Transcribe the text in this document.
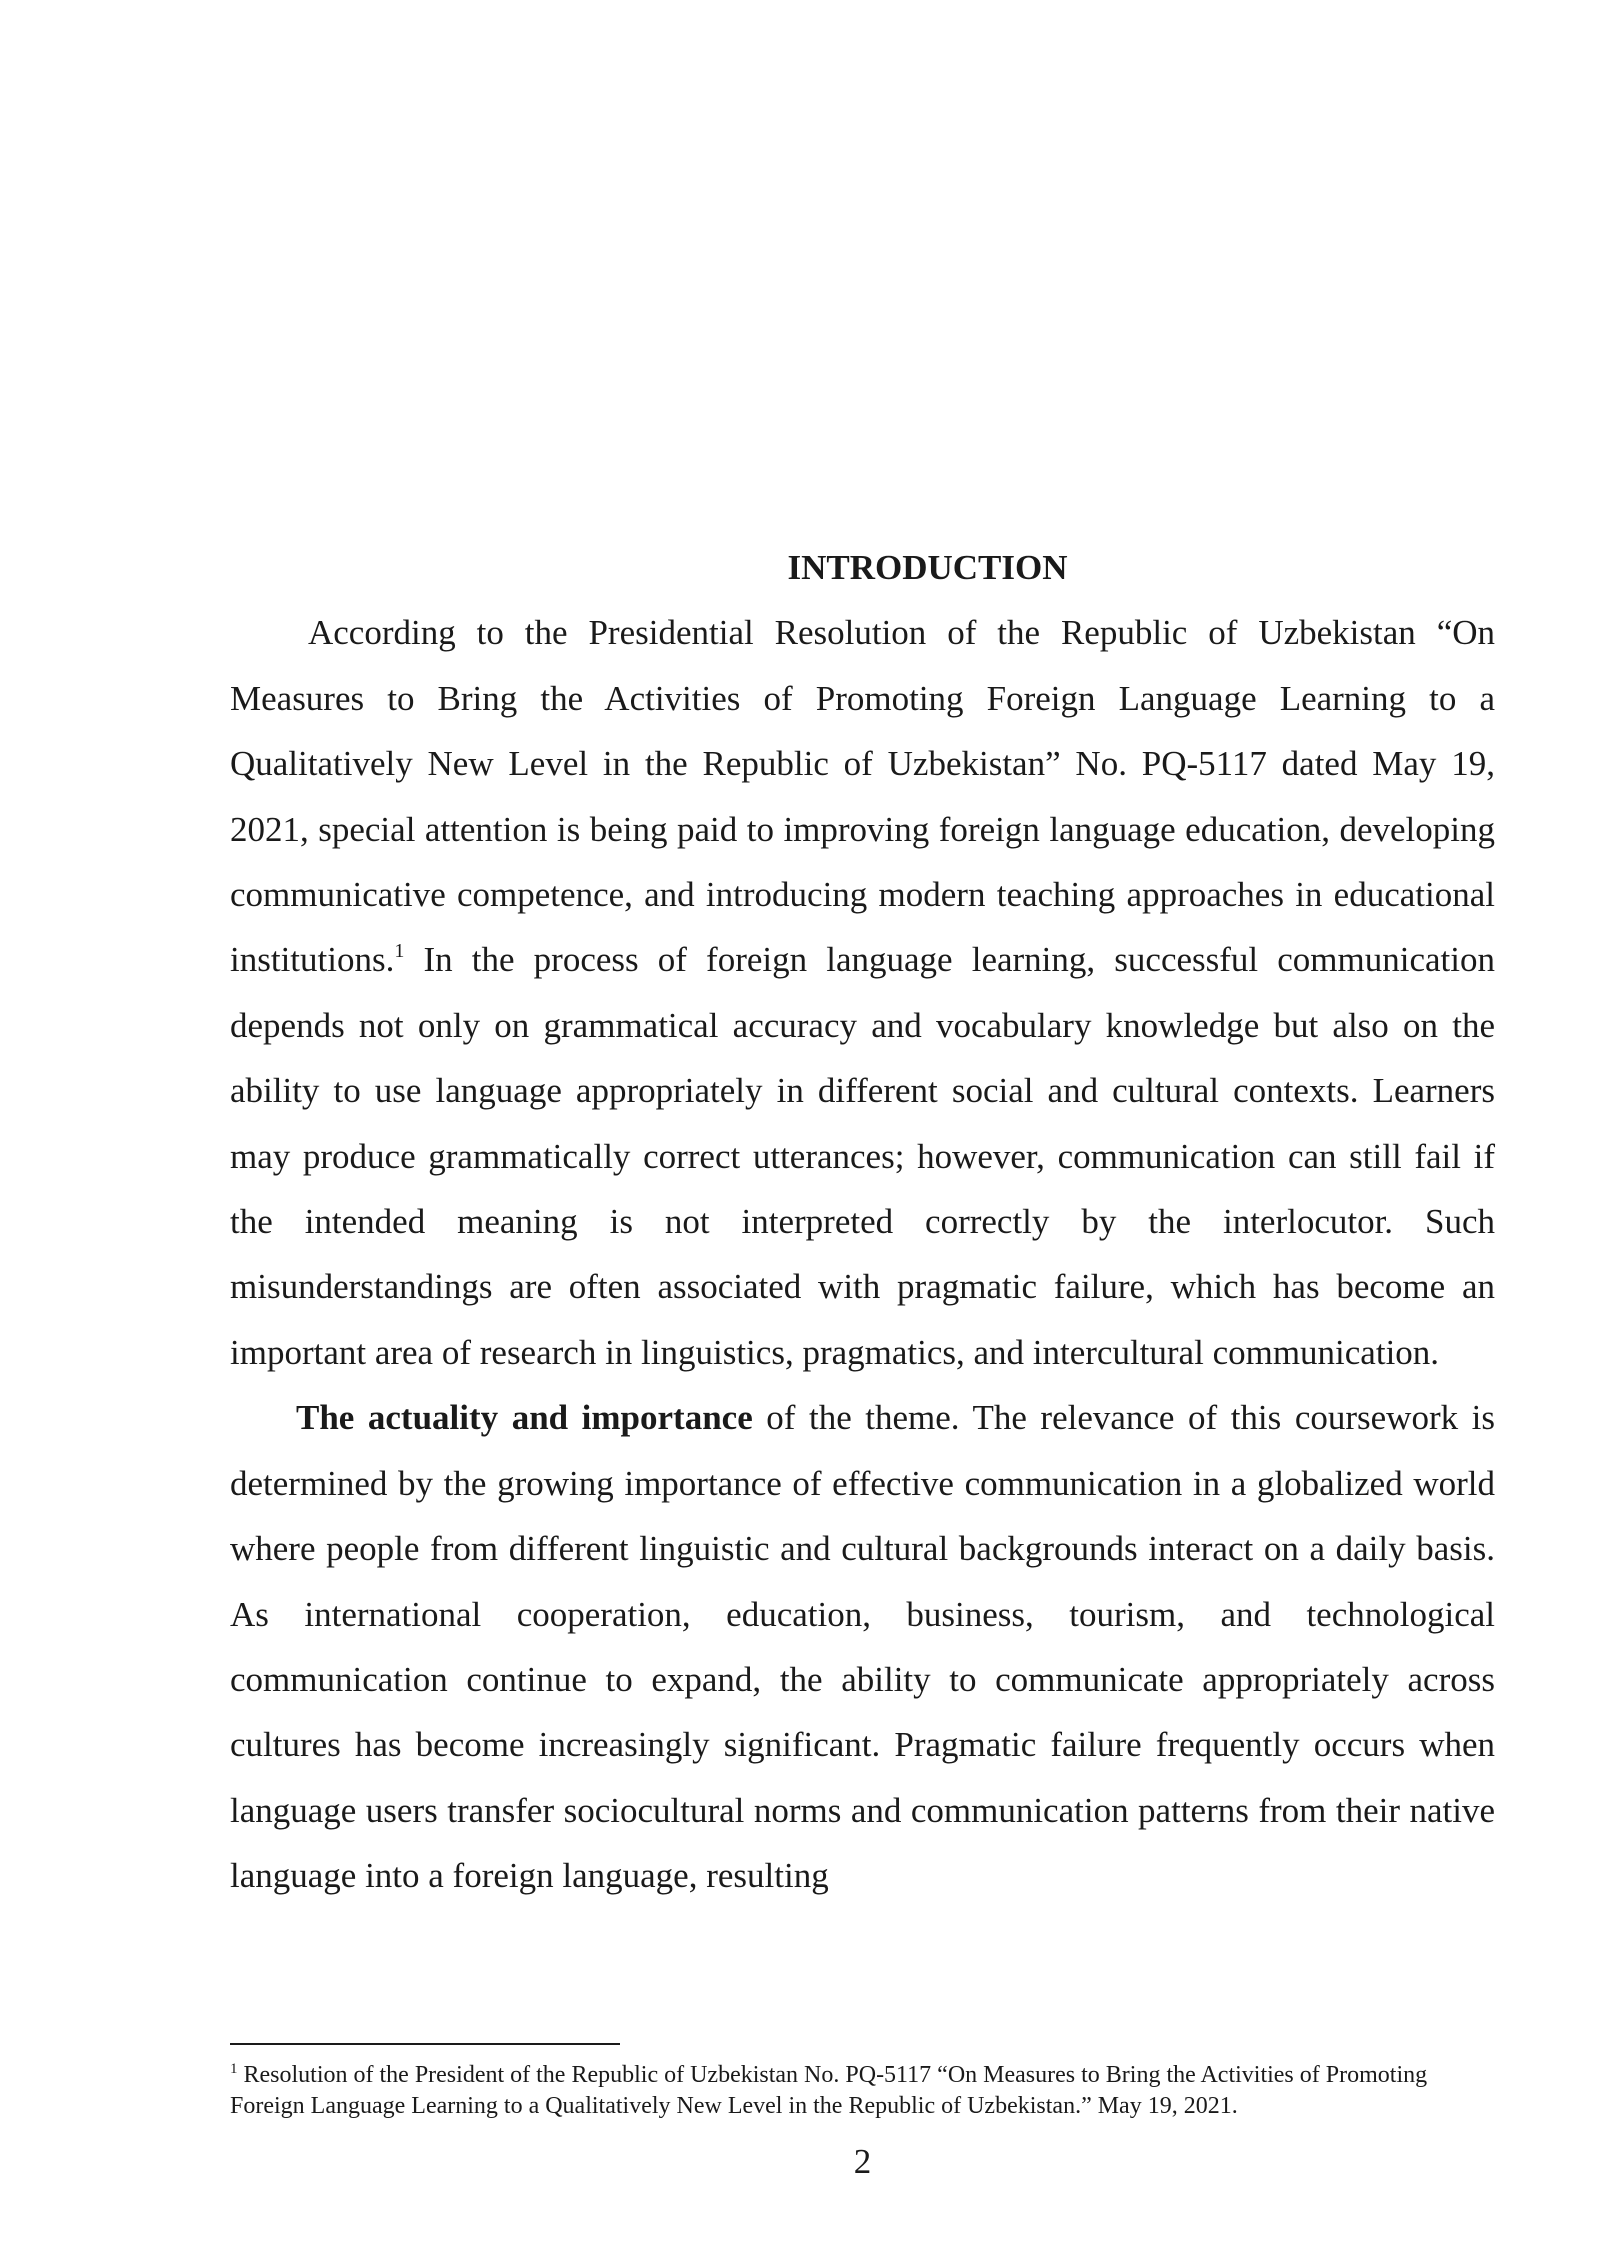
INTRODUCTION

According to the Presidential Resolution of the Republic of Uzbekistan “On Measures to Bring the Activities of Promoting Foreign Language Learning to a Qualitatively New Level in the Republic of Uzbekistan” No. PQ-5117 dated May 19, 2021, special attention is being paid to improving foreign language education, developing communicative competence, and introducing modern teaching approaches in educational institutions.$^1$ In the process of foreign language learning, successful communication depends not only on grammatical accuracy and vocabulary knowledge but also on the ability to use language appropriately in different social and cultural contexts. Learners may produce grammatically correct utterances; however, communication can still fail if the intended meaning is not interpreted correctly by the interlocutor. Such misunderstandings are often associated with pragmatic failure, which has become an important area of research in linguistics, pragmatics, and intercultural communication.

The actuality and importance of the theme. The relevance of this coursework is determined by the growing importance of effective communication in a globalized world where people from different linguistic and cultural backgrounds interact on a daily basis. As international cooperation, education, business, tourism, and technological communication continue to expand, the ability to communicate appropriately across cultures has become increasingly significant. Pragmatic failure frequently occurs when language users transfer sociocultural norms and communication patterns from their native language into a foreign language, resulting

$^1$ Resolution of the President of the Republic of Uzbekistan No. PQ-5117 “On Measures to Bring the Activities of Promoting Foreign Language Learning to a Qualitatively New Level in the Republic of Uzbekistan.” May 19, 2021.
2
